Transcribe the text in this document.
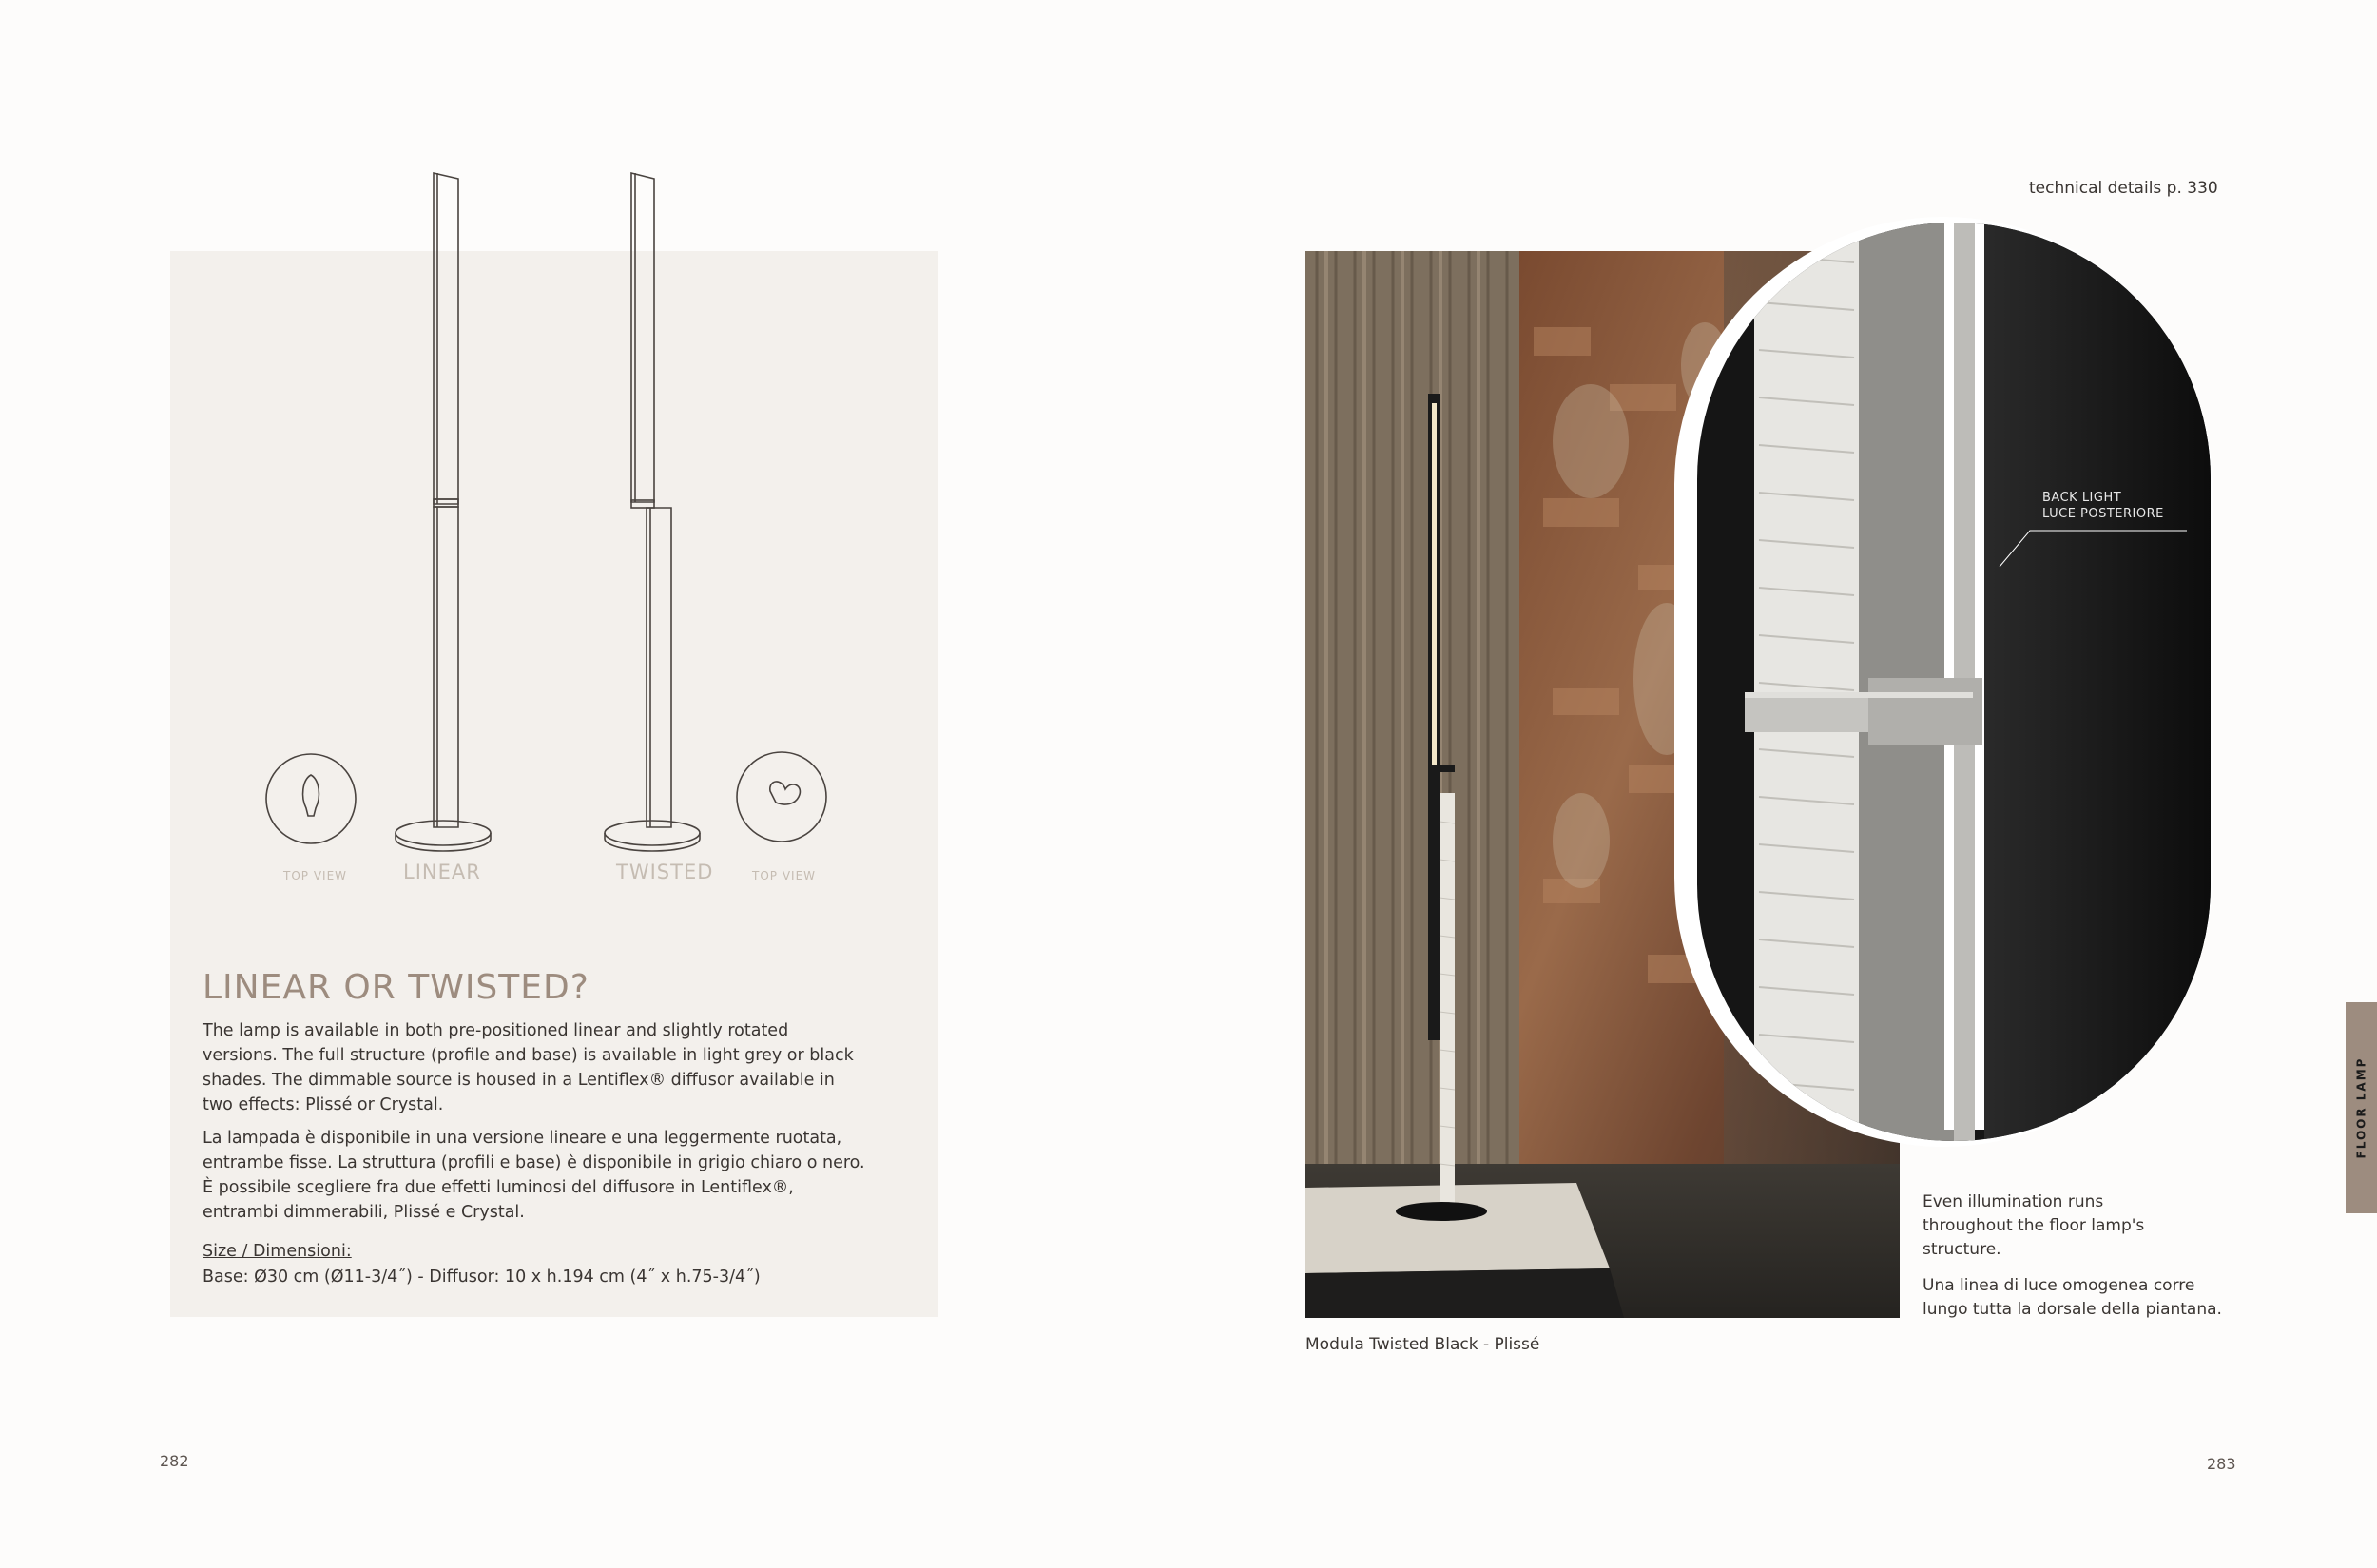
TOP VIEW	LINEAR	TWISTED	TOP VIEW
LINEAR OR TWISTED?

The lamp is available in both pre-positioned linear and slightly rotated versions. The full structure (profile and base) is available in light grey or black shades. The dimmable source is housed in a Lentiflex® diffusor available in two effects: Plissé or Crystal.

La lampada è disponibile in una versione lineare e una leggermente ruotata, entrambe fisse. La struttura (profili e base) è disponibile in grigio chiaro o nero. È possibile scegliere fra due effetti luminosi del diffusore in Lentiflex®, entrambi dimmerabili, Plissé e Crystal.

Size / Dimensioni:
Base: Ø30 cm (Ø11-3/4˝) - Diffusor: 10 x h.194 cm (4˝ x h.75-3/4˝)
282
technical details p. 330
BACK LIGHT
LUCE POSTERIORE
Modula Twisted Black - Plissé

Even illumination runs throughout the floor lamp's structure.

Una linea di luce omogenea corre lungo tutta la dorsale della piantana.

FLOOR LAMP
283
